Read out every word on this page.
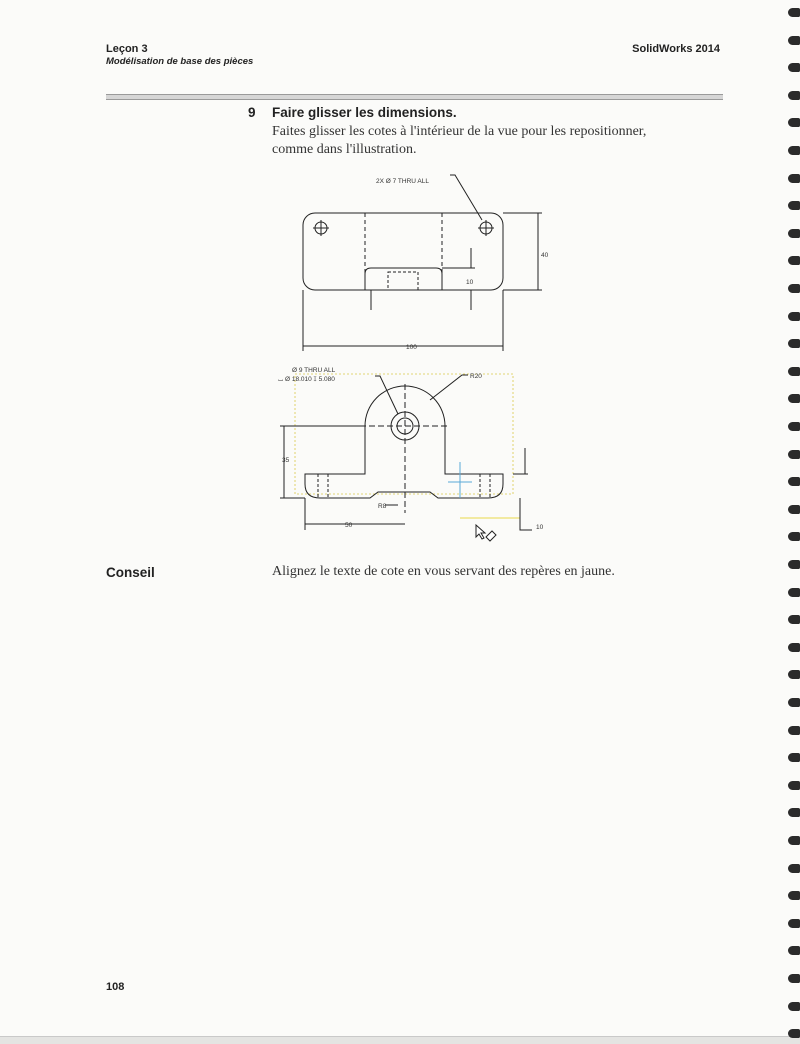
Leçon 3
Modélisation de base des pièces
SolidWorks 2014
9 Faire glisser les dimensions.
Faites glisser les cotes à l'intérieur de la vue pour les repositionner,
comme dans l'illustration.
2X Ø 7 THRU ALL
40
10
100
Ø 9 THRU ALL
⌴ Ø 18.010 ↧ 5.080	R20
35
R8
50	10
Conseil	Alignez le texte de cote en vous servant des repères en jaune.
108
